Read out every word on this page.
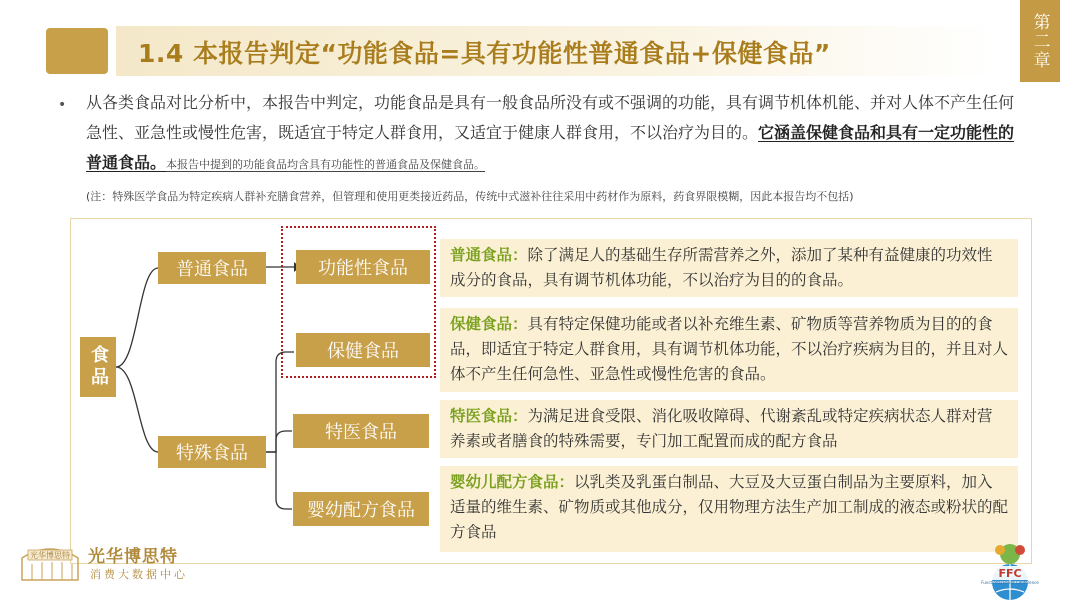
1.4 本报告判定“功能食品=具有功能性普通食品+保健食品”	第二章
• 从各类食品对比分析中，本报告中判定，功能食品是具有一般食品所没有或不强调的功能，具有调节机体机能、并对人体不产生任何急性、亚急性或慢性危害，既适宜于特定人群食用，又适宜于健康人群食用，不以治疗为目的。它涵盖保健食品和具有一定功能性的普通食品。本报告中提到的功能食品均含具有功能性的普通食品及保健食品。
(注：特殊医学食品为特定疾病人群补充膳食营养，但管理和使用更类接近药品，传统中式滋补往往采用中药材作为原料，药食界限模糊，因此本报告均不包括)
食品
普通食品
特殊食品
功能性食品
保健食品
特医食品
婴幼配方食品
普通食品：除了满足人的基础生存所需营养之外，添加了某种有益健康的功效性成分的食品，具有调节机体功能，不以治疗为目的的食品。
保健食品：具有特定保健功能或者以补充维生素、矿物质等营养物质为目的的食品，即适宜于特定人群食用，具有调节机体功能，不以治疗疾病为目的，并且对人体不产生任何急性、亚急性或慢性危害的食品。
特医食品：为满足进食受限、消化吸收障碍、代谢紊乱或特定疾病状态人群对营养素或者膳食的特殊需要，专门加工配置而成的配方食品
婴幼儿配方食品：以乳类及乳蛋白制品、大豆及大豆蛋白制品为主要原料，加入适量的维生素、矿物质或其他成分，仅用物理方法生产加工制成的液态或粉状的配方食品
光华博思特 光华博思特
消费大数据中心	FFC
Functional Foods Conference
